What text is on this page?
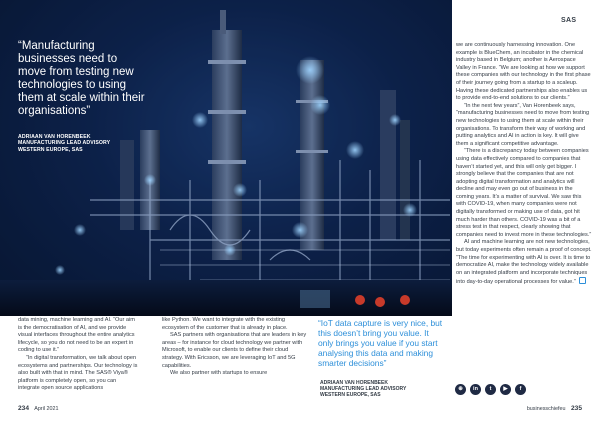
“Manufacturing businesses need to move from testing new technologies to using them at scale within their organisations”
ADRIAAN VAN HORENBEEK
MANUFACTURING LEAD ADVISORY
WESTERN EUROPE, SAS
SAS

data mining, machine learning and AI. “Our aim is the democratisation of AI, and we provide visual interfaces throughout the entire analytics lifecycle, so you do not need to be an expert in coding to use it.”

“In digital transformation, we talk about open ecosystems and partnerships. Our technology is also built with that in mind. The SAS® Viya® platform is completely open, so you can integrate open source applications

like Python. We want to integrate with the existing ecosystem of the customer that is already in place.

SAS partners with organisations that are leaders in key areas – for instance for cloud technology we partner with Microsoft, to enable our clients to define their cloud strategy. With Ericsson, we are leveraging IoT and 5G capabilities.

We also partner with startups to ensure

“IoT data capture is very nice, but this doesn’t bring you value. It only brings you value if you start analysing this data and making smarter decisions”
ADRIAAN VAN HORENBEEK
MANUFACTURING LEAD ADVISORY
WESTERN EUROPE, SAS

we are continuously harnessing innovation. One example is BlueChem, an incubator in the chemical industry based in Belgium; another is Aerospace Valley in France. “We are looking at how we support these companies with our technology in the first phase of their journey going from a startup to a scaleup. Having these dedicated partnerships also enables us to provide end-to-end solutions to our clients.”

“In the next few years”, Van Horenbeek says, “manufacturing businesses need to move from testing new technologies to using them at scale within their organisations. To transform their way of working and putting analytics and AI in action is key. It will give them a significant competitive advantage.

“There is a discrepancy today between companies using data effectively compared to companies that haven’t started yet, and this will only get bigger. I strongly believe that the companies that are not adopting digital transformation and analytics will decline and may even go out of business in the coming years. It’s a matter of survival. We saw this with COVID-19, when many companies were not digitally transformed or making use of data, got hit much harder than others. COVID-19 was a bit of a stress test in that respect, clearly showing that companies need to invest more in these technologies.”

AI and machine learning are not new technologies, but today experiments often remain a proof of concept. “The time for experimenting with AI is over. It is time to democratize AI, make the technology widely available on an integrated platform and incorporate techniques into day-to-day operational processes for value.”

⊕	in	t	▶	f
234 April 2021	businesschiefeu 235
